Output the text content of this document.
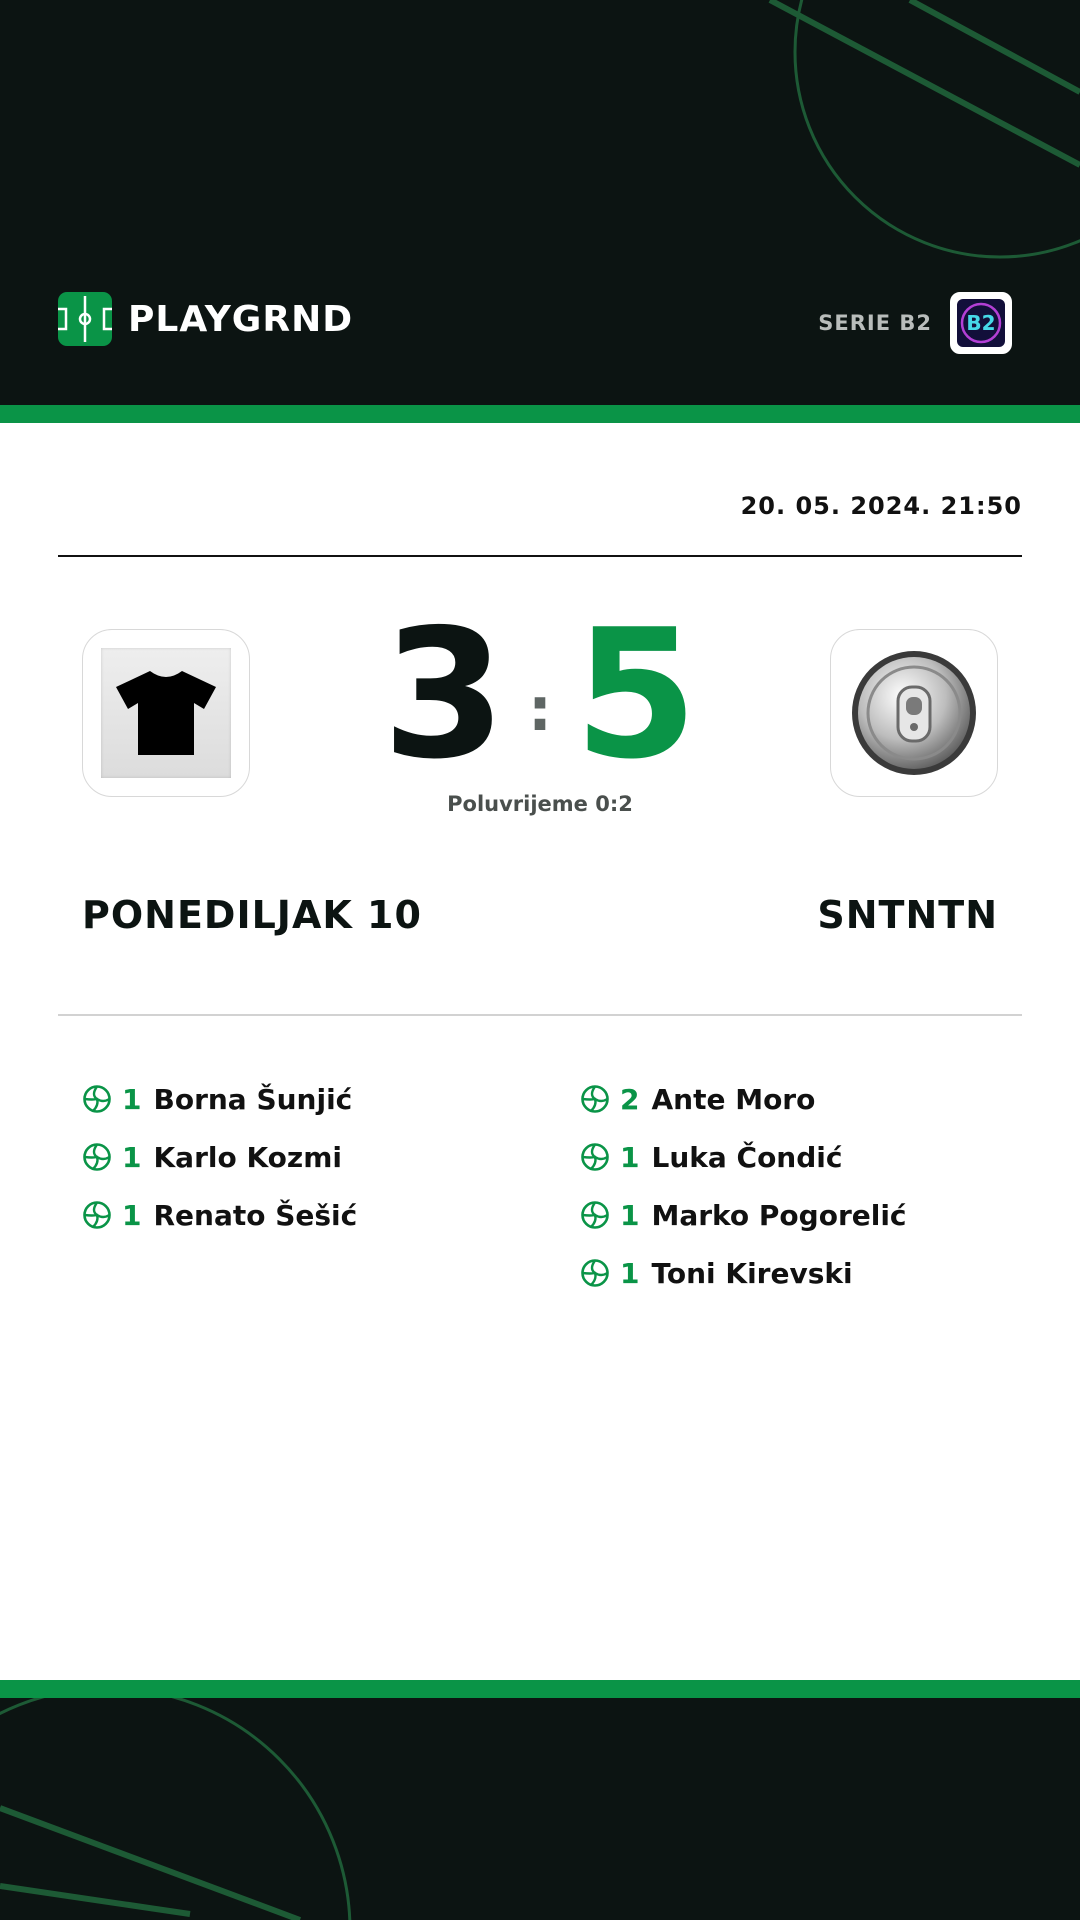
PLAYGRND	SERIE B2 B2
20. 05. 2024. 21:50
3 : 5
Poluvrijeme 0:2
PONEDILJAK 10	SNTNTN
1 Borna Šunjić
1 Karlo Kozmi
1 Renato Šešić
2 Ante Moro
1 Luka Čondić
1 Marko Pogorelić
1 Toni Kirevski
